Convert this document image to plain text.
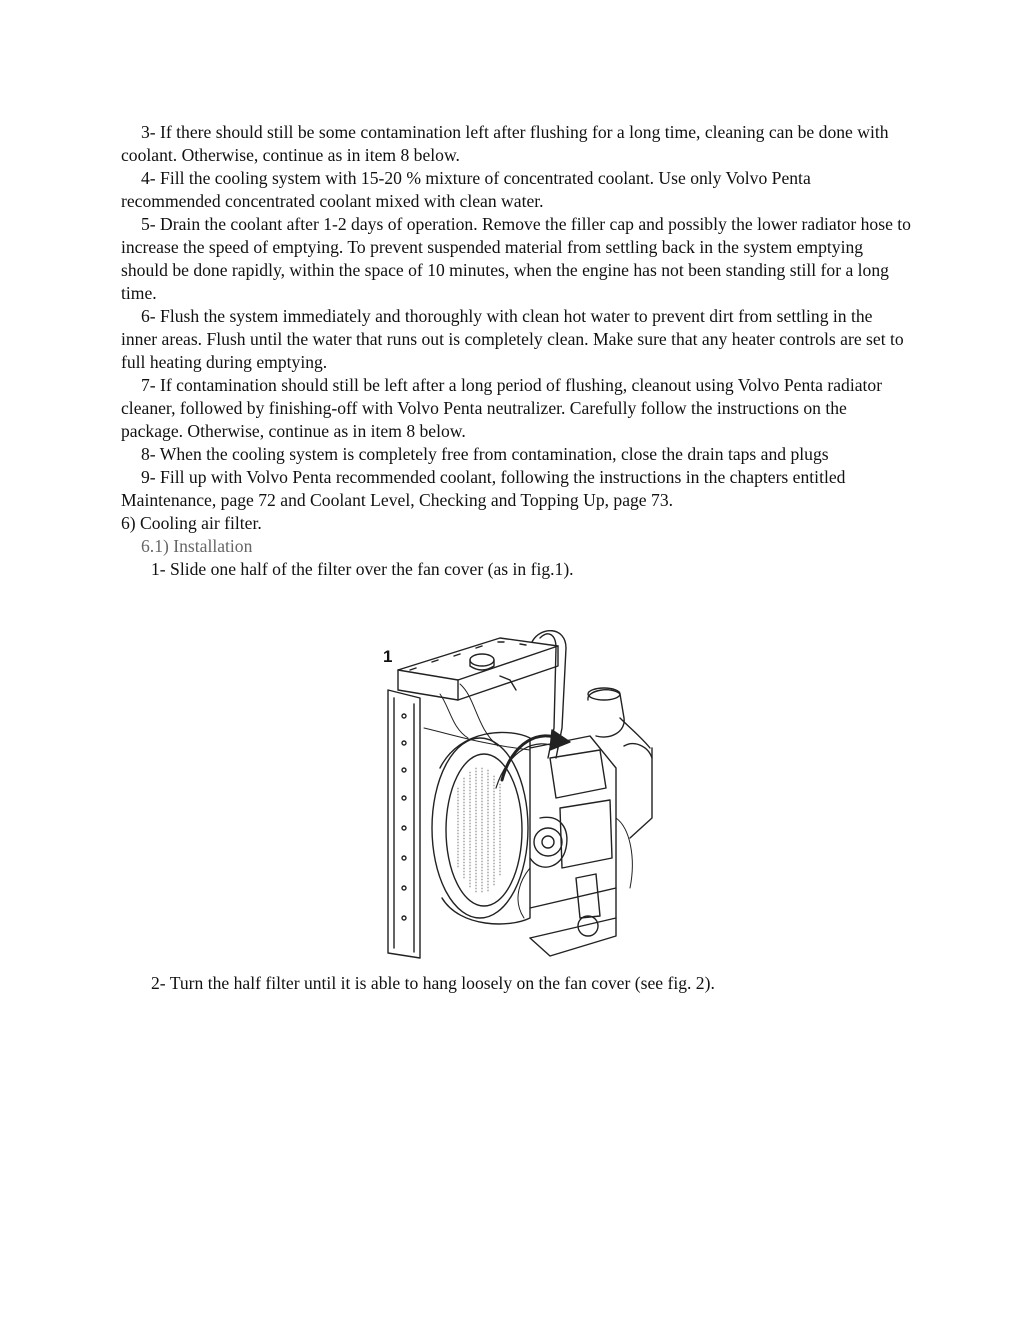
3- If there should still be some contamination left after flushing for a long time, cleaning can be done with coolant. Otherwise, continue as in item 8 below.

4- Fill the cooling system with 15-20 % mixture of concentrated coolant. Use only Volvo Penta recommended concentrated coolant mixed with clean water.

5- Drain the coolant after 1-2 days of operation. Remove the filler cap and possibly the lower radiator hose to increase the speed of emptying. To prevent suspended material from settling back in the system emptying should be done rapidly, within the space of 10 minutes, when the engine has not been standing still for a long time.

6- Flush the system immediately and thoroughly with clean hot water to prevent dirt from settling in the inner areas. Flush until the water that runs out is completely clean. Make sure that any heater controls are set to full heating during emptying.

7- If contamination should still be left after a long period of flushing, cleanout using Volvo Penta radiator cleaner, followed by finishing-off with Volvo Penta neutralizer. Carefully follow the instructions on the package. Otherwise, continue as in item 8 below.

8- When the cooling system is completely free from contamination, close the drain taps and plugs

9- Fill up with Volvo Penta recommended coolant, following the instructions in the chapters entitled Maintenance, page 72 and Coolant Level, Checking and Topping Up, page 73.

6) Cooling air filter.

6.1) Installation

1- Slide one half of the filter over the fan cover (as in fig.1).

1

2- Turn the half filter until it is able to hang loosely on the fan cover (see fig. 2).
